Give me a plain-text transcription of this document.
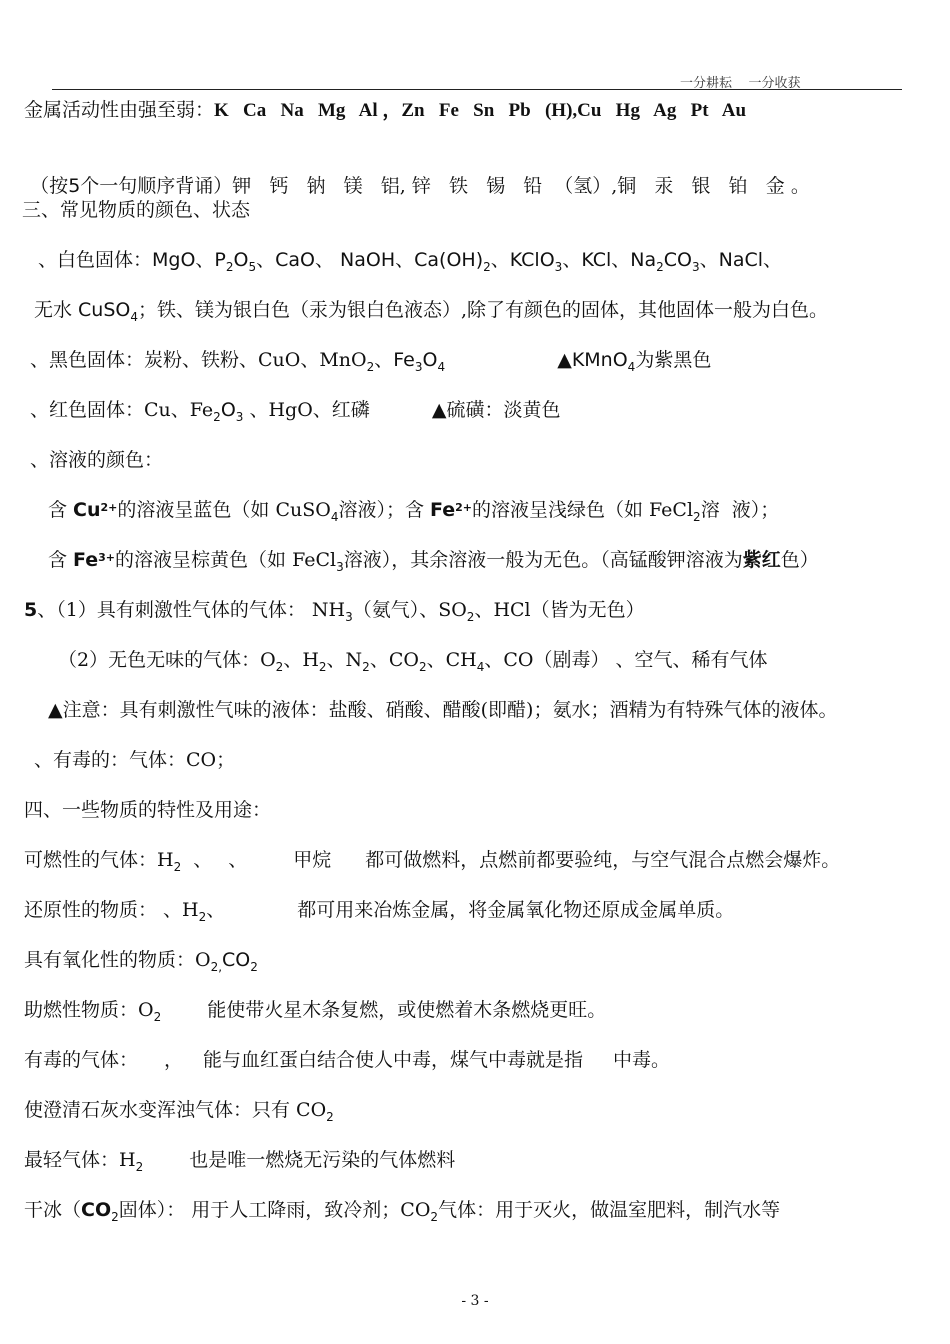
一分耕耘    一分收获
金属活动性由强至弱：K   Ca   Na   Mg   Al ，Zn   Fe   Sn   Pb   (H),Cu   Hg   Ag   Pt   Au

（按5个一句顺序背诵）钾   钙   钠   镁   铝, 锌   铁   锡   铅  （氢）,铜   汞   银   铂   金 。

三、常见物质的颜色、状态
、白色固体：MgO、$P_2O_5$、CaO、 NaOH、$Ca(OH)_2$、KClO$_3$、KCl、$Na_2CO_3$、NaCl、
无水 CuSO$_4$；铁、镁为银白色（汞为银白色液态）,除了有颜色的固体，其他固体一般为白色。
、黑色固体：炭粉、铁粉、CuO、MnO$_2$、$Fe_3O_4$	▲KMnO$_4$为紫黑色
、红色固体：Cu、$Fe_2O_3$ 、HgO、红磷	▲硫磺：淡黄色
、溶液的颜色：
含 $Cu^{2+}$的溶液呈蓝色（如 CuSO$_4$溶液）；含 $Fe^{2+}$的溶液呈浅绿色（如 FeCl$_2$溶  液）；
含 $Fe^{3+}$的溶液呈棕黄色（如 FeCl$_3$溶液），其余溶液一般为无色。（高锰酸钾溶液为紫红色）
5、（1）具有刺激性气体的气体： $NH_3$（氨气）、$SO_2$、HCl（皆为无色）
（2）无色无味的气体：$O_2$、$H_2$、$N_2$、$CO_2$、$CH_4$、CO（剧毒） 、空气、稀有气体
▲注意：具有刺激性气味的液体：盐酸、硝酸、醋酸(即醋)；氨水；酒精为有特殊气体的液体。
、有毒的：气体：CO；
四、一些物质的特性及用途：
可燃性的气体：$H_2$ 、 、 甲烷 都可做燃料，点燃前都要验纯，与空气混合点燃会爆炸。
还原性的物质： 、$H_2$、	都可用来冶炼金属，将金属氧化物还原成金属单质。
具有氧化性的物质：$O_{2,}CO_2$
助燃性物质：$O_2$ 能使带火星木条复燃，或使燃着木条燃烧更旺。
有毒的气体： ， 能与血红蛋白结合使人中毒，煤气中毒就是指 中毒。
使澄清石灰水变浑浊气体：只有 $CO_2$
最轻气体：$H_2$ 也是唯一燃烧无污染的气体燃料
干冰（$CO_2$固体）： 用于人工降雨，致冷剂；$CO_2$气体：用于灭火，做温室肥料，制汽水等
- 3 -
